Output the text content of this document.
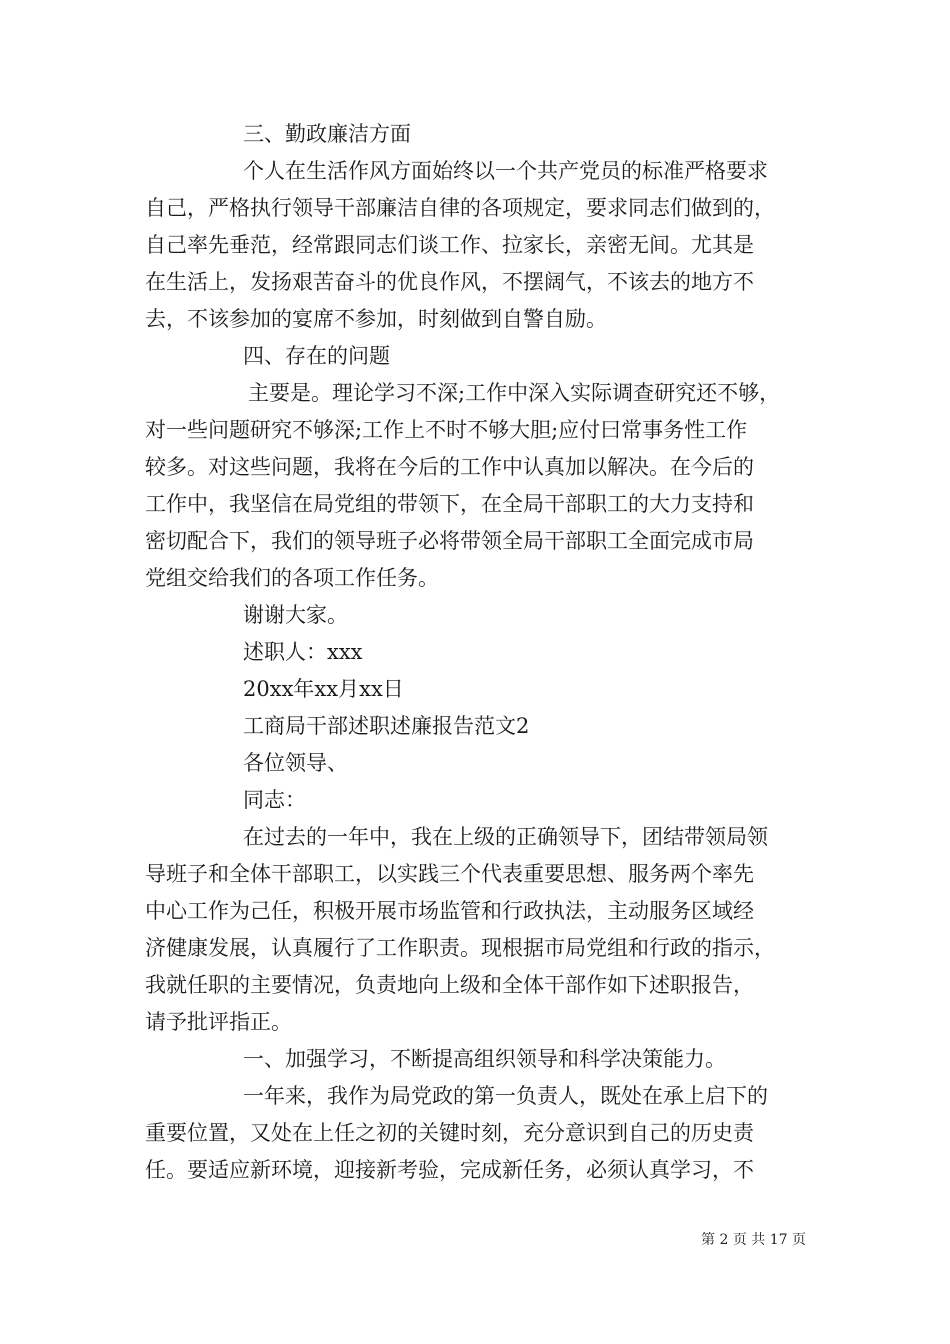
三、勤政廉洁方面
个人在生活作风方面始终以一个共产党员的标准严格要求
自己，严格执行领导干部廉洁自律的各项规定，要求同志们做到的，
自己率先垂范，经常跟同志们谈工作、拉家长，亲密无间。尤其是
在生活上，发扬艰苦奋斗的优良作风，不摆阔气，不该去的地方不
去，不该参加的宴席不参加，时刻做到自警自励。
四、存在的问题
主要是。理论学习不深;工作中深入实际调查研究还不够，
对一些问题研究不够深;工作上不时不够大胆;应付曰常事务性工作
较多。对这些问题，我将在今后的工作中认真加以解决。在今后的
工作中，我坚信在局党组的带领下，在全局干部职工的大力支持和
密切配合下，我们的领导班子必将带领全局干部职工全面完成市局
党组交给我们的各项工作任务。
谢谢大家。
述职人：xxx
20xx年xx月xx日
工商局干部述职述廉报告范文2
各位领导、
同志：
在过去的一年中，我在上级的正确领导下，团结带领局领
导班子和全体干部职工，以实践三个代表重要思想、服务两个率先
中心工作为己任，积极开展市场监管和行政执法，主动服务区域经
济健康发展，认真履行了工作职责。现根据市局党组和行政的指示，
我就任职的主要情况，负责地向上级和全体干部作如下述职报告，
请予批评指正。
一、加强学习，不断提高组织领导和科学决策能力。
一年来，我作为局党政的第一负责人，既处在承上启下的
重要位置，又处在上任之初的关键时刻，充分意识到自己的历史责
任。要适应新环境，迎接新考验，完成新任务，必须认真学习，不
第 2 页 共 17 页
